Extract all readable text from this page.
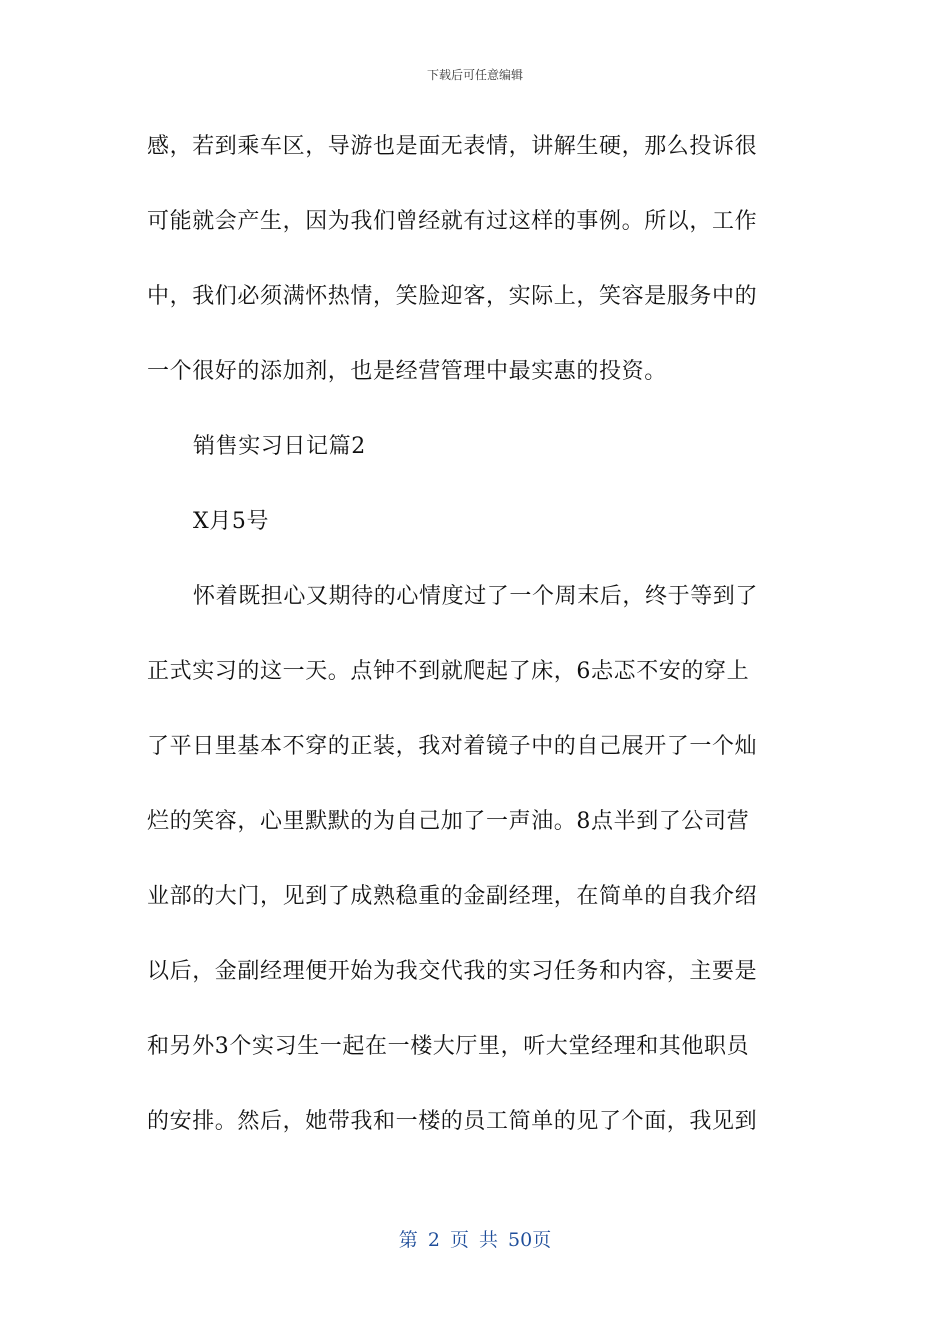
下载后可任意编辑
感，若到乘车区，导游也是面无表情，讲解生硬，那么投诉很
可能就会产生，因为我们曾经就有过这样的事例。所以，工作
中，我们必须满怀热情，笑脸迎客，实际上，笑容是服务中的
一个很好的添加剂，也是经营管理中最实惠的投资。
销售实习日记篇2
X月5号
怀着既担心又期待的心情度过了一个周末后，终于等到了
正式实习的这一天。点钟不到就爬起了床，6忐忑不安的穿上
了平日里基本不穿的正装，我对着镜子中的自己展开了一个灿
烂的笑容，心里默默的为自己加了一声油。8点半到了公司营
业部的大门，见到了成熟稳重的金副经理，在简单的自我介绍
以后，金副经理便开始为我交代我的实习任务和内容，主要是
和另外3个实习生一起在一楼大厅里，听大堂经理和其他职员
的安排。然后，她带我和一楼的员工简单的见了个面，我见到
第 2 页 共 50页
